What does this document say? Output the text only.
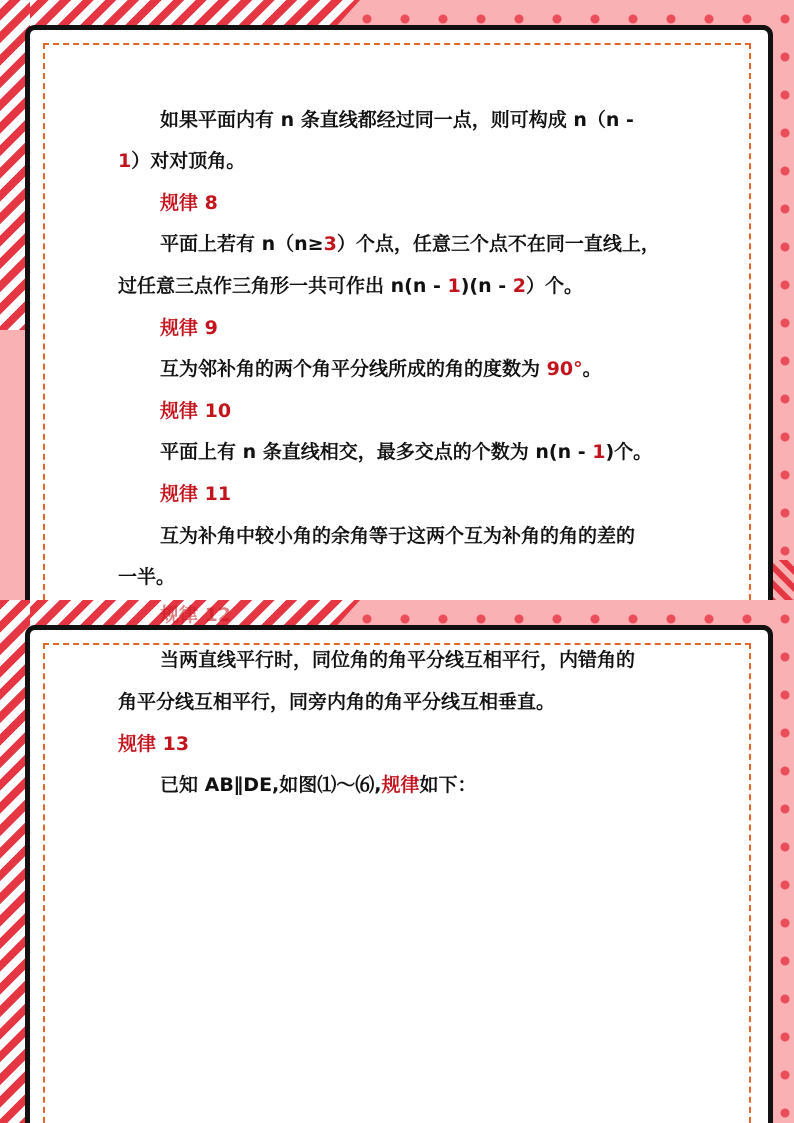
如果平面内有 n 条直线都经过同一点，则可构成 n（n -
1）对对顶角。
规律 8
平面上若有 n（n≥3）个点，任意三个点不在同一直线上，
过任意三点作三角形一共可作出 n(n - 1)(n - 2）个。
规律 9
互为邻补角的两个角平分线所成的角的度数为 90°。
规律 10
平面上有 n 条直线相交，最多交点的个数为 n(n - 1)个。
规律 11
互为补角中较小角的余角等于这两个互为补角的角的差的
一半。
当两直线平行时，同位角的角平分线互相平行，内错角的
角平分线互相平行，同旁内角的角平分线互相垂直。
规律 13
已知 AB∥DE,如图⑴～⑹,规律如下：
规律 12
